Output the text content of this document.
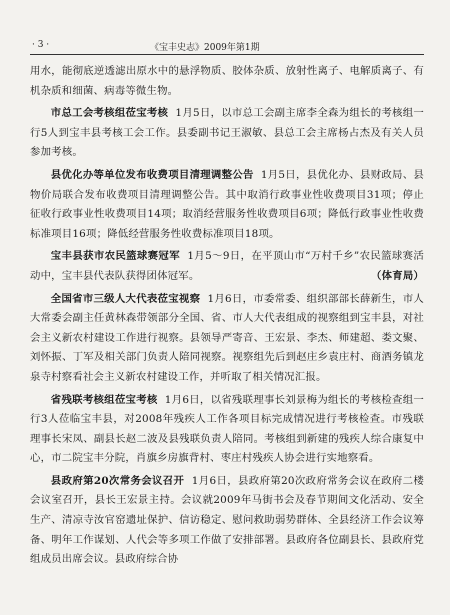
· 3 ·	《宝丰史志》2009年第1期

用水，能彻底逆透滤出原水中的悬浮物质、胶体杂质、放射性离子、电解质离子、有机杂质和细菌、病毒等微生物。

市总工会考核组莅宝考核 1月5日，以市总工会副主席李全森为组长的考核组一行5人到宝丰县考核工会工作。县委副书记王淑敏、县总工会主席杨占杰及有关人员参加考核。

县优化办等单位发布收费项目清理调整公告 1月5日，县优化办、县财政局、县物价局联合发布收费项目清理调整公告。其中取消行政事业性收费项目31项；停止征收行政事业性收费项目14项；取消经营服务性收费项目6项；降低行政事业性收费标准项目16项；降低经营服务性收费标准项目18项。

宝丰县获市农民篮球赛冠军 1月5～9日，在平顶山市“万村千乡”农民篮球赛活动中，宝丰县代表队获得团体冠军。	（体育局）

全国省市三级人大代表莅宝视察 1月6日，市委常委、组织部部长薛新生，市人大常委会副主任黄林森带领部分全国、省、市人大代表组成的视察组到宝丰县，对社会主义新农村建设工作进行视察。县领导严寄音、王宏景、李杰、师建超、娄文聚、刘怀振、丁军及相关部门负责人陪同视察。视察组先后到赵庄乡袁庄村、商酒务镇龙泉寺村察看社会主义新农村建设工作，并听取了相关情况汇报。

省残联考核组莅宝考核 1月6日，以省残联理事长刘景梅为组长的考核检查组一行3人莅临宝丰县，对2008年残疾人工作各项目标完成情况进行考核检查。市残联理事长宋凤、副县长赵二波及县残联负责人陪同。考核组到新建的残疾人综合康复中心，市二院宝丰分院，肖旗乡房旗背村、枣庄村残疾人协会进行实地察看。

县政府第20次常务会议召开 1月6日，县政府第20次政府常务会议在政府二楼会议室召开，县长王宏景主持。会议就2009年马街书会及春节期间文化活动、安全生产、清凉寺汝官窑遗址保护、信访稳定、慰问救助弱势群体、全县经济工作会议筹备、明年工作谋划、人代会等多项工作做了安排部署。县政府各位副县长、县政府党组成员出席会议。县政府综合协
